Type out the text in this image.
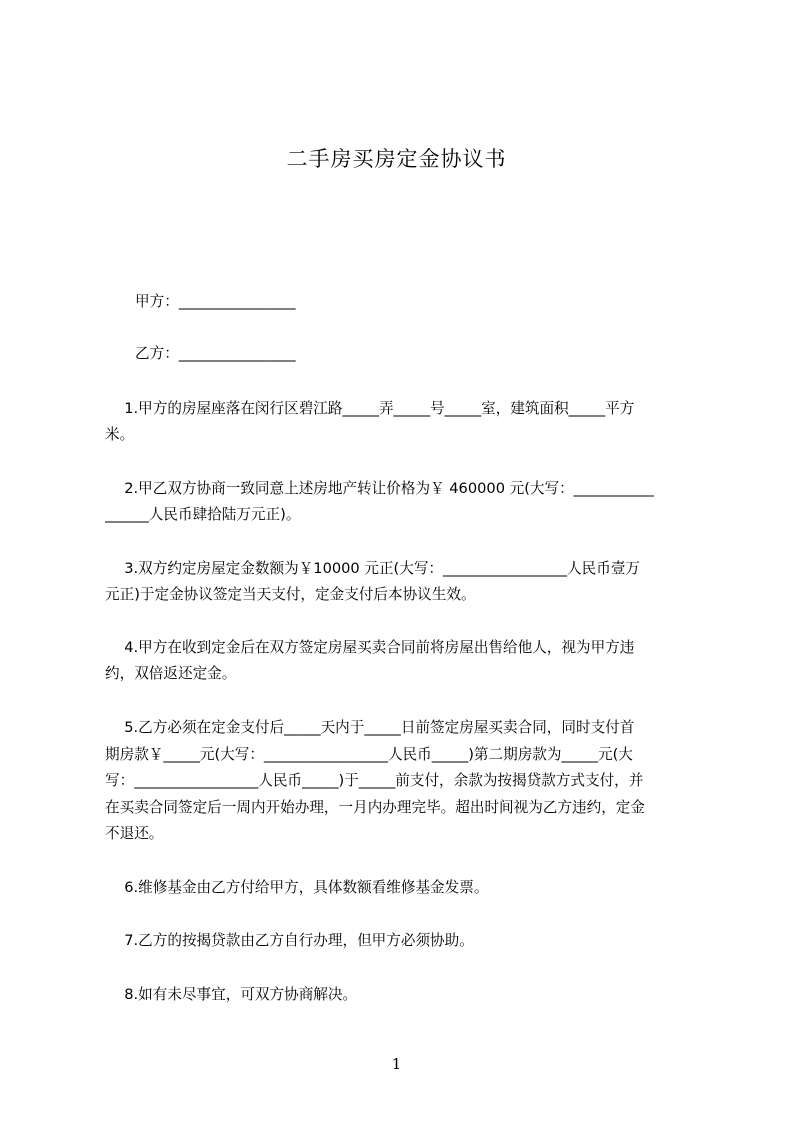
二手房买房定金协议书
甲方：________________
乙方：________________
　 1.甲方的房屋座落在闵行区碧江路_____弄_____号_____室，建筑面积_____平方
米。
　 2.甲乙双方协商一致同意上述房地产转让价格为￥ 460000 元(大写：___________
______人民币肆拾陆万元正)。
　 3.双方约定房屋定金数额为￥10000 元正(大写：_________________人民币壹万
元正)于定金协议签定当天支付，定金支付后本协议生效。
　 4.甲方在收到定金后在双方签定房屋买卖合同前将房屋出售给他人，视为甲方违
约，双倍返还定金。
　 5.乙方必须在定金支付后_____天内于_____日前签定房屋买卖合同，同时支付首
期房款￥_____元(大写：_________________人民币_____)第二期房款为_____元(大
写：_________________人民币_____)于_____前支付，余款为按揭贷款方式支付，并
在买卖合同签定后一周内开始办理，一月内办理完毕。超出时间视为乙方违约，定金
不退还。
　 6.维修基金由乙方付给甲方，具体数额看维修基金发票。
　 7.乙方的按揭贷款由乙方自行办理，但甲方必须协助。
　 8.如有未尽事宜，可双方协商解决。
1
